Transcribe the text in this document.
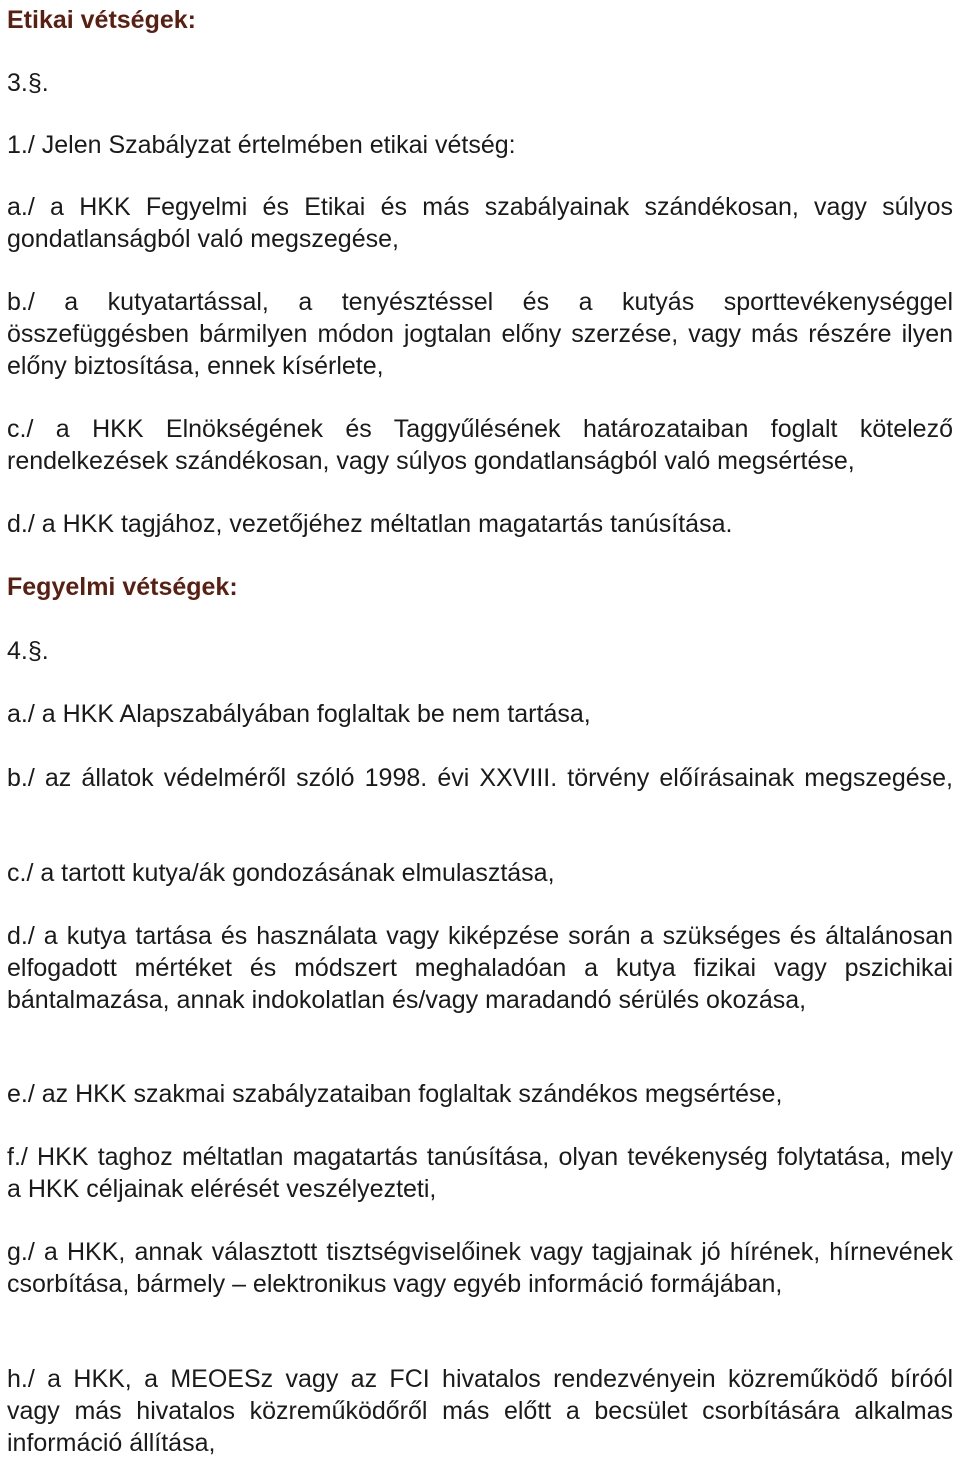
Etikai vétségek:

3.§.

1./ Jelen Szabályzat értelmében etikai vétség:

a./ a HKK Fegyelmi és Etikai és más szabályainak szándékosan, vagy súlyos gondatlanságból való megszegése,

b./ a kutyatartással, a tenyésztéssel és a kutyás sporttevékenységgel összefüggésben bármilyen módon jogtalan előny szerzése, vagy más részére ilyen előny biztosítása, ennek kísérlete,

c./ a HKK Elnökségének és Taggyűlésének határozataiban foglalt kötelező rendelkezések szándékosan, vagy súlyos gondatlanságból való megsértése,

d./ a HKK tagjához, vezetőjéhez méltatlan magatartás tanúsítása.

Fegyelmi vétségek:

4.§.

a./ a HKK Alapszabályában foglaltak be nem tartása,

b./ az állatok védelméről szóló 1998. évi XXVIII. törvény előírásainak megszegése,

c./ a tartott kutya/ák gondozásának elmulasztása,

d./ a kutya tartása és használata vagy kiképzése során a szükséges és általánosan elfogadott mértéket és módszert meghaladóan a kutya fizikai vagy pszichikai bántalmazása, annak indokolatlan és/vagy maradandó sérülés okozása,

e./ az HKK szakmai szabályzataiban foglaltak szándékos megsértése,

f./ HKK taghoz méltatlan magatartás tanúsítása, olyan tevékenység folytatása, mely a HKK céljainak elérését veszélyezteti,

g./ a HKK, annak választott tisztségviselőinek vagy tagjainak jó hírének, hírnevének csorbítása, bármely – elektronikus vagy egyéb információ formájában,

h./ a HKK, a MEOESz vagy az FCI hivatalos rendezvényein közreműködő bíróól vagy más hivatalos közreműködőről más előtt a becsület csorbítására alkalmas információ állítása,
